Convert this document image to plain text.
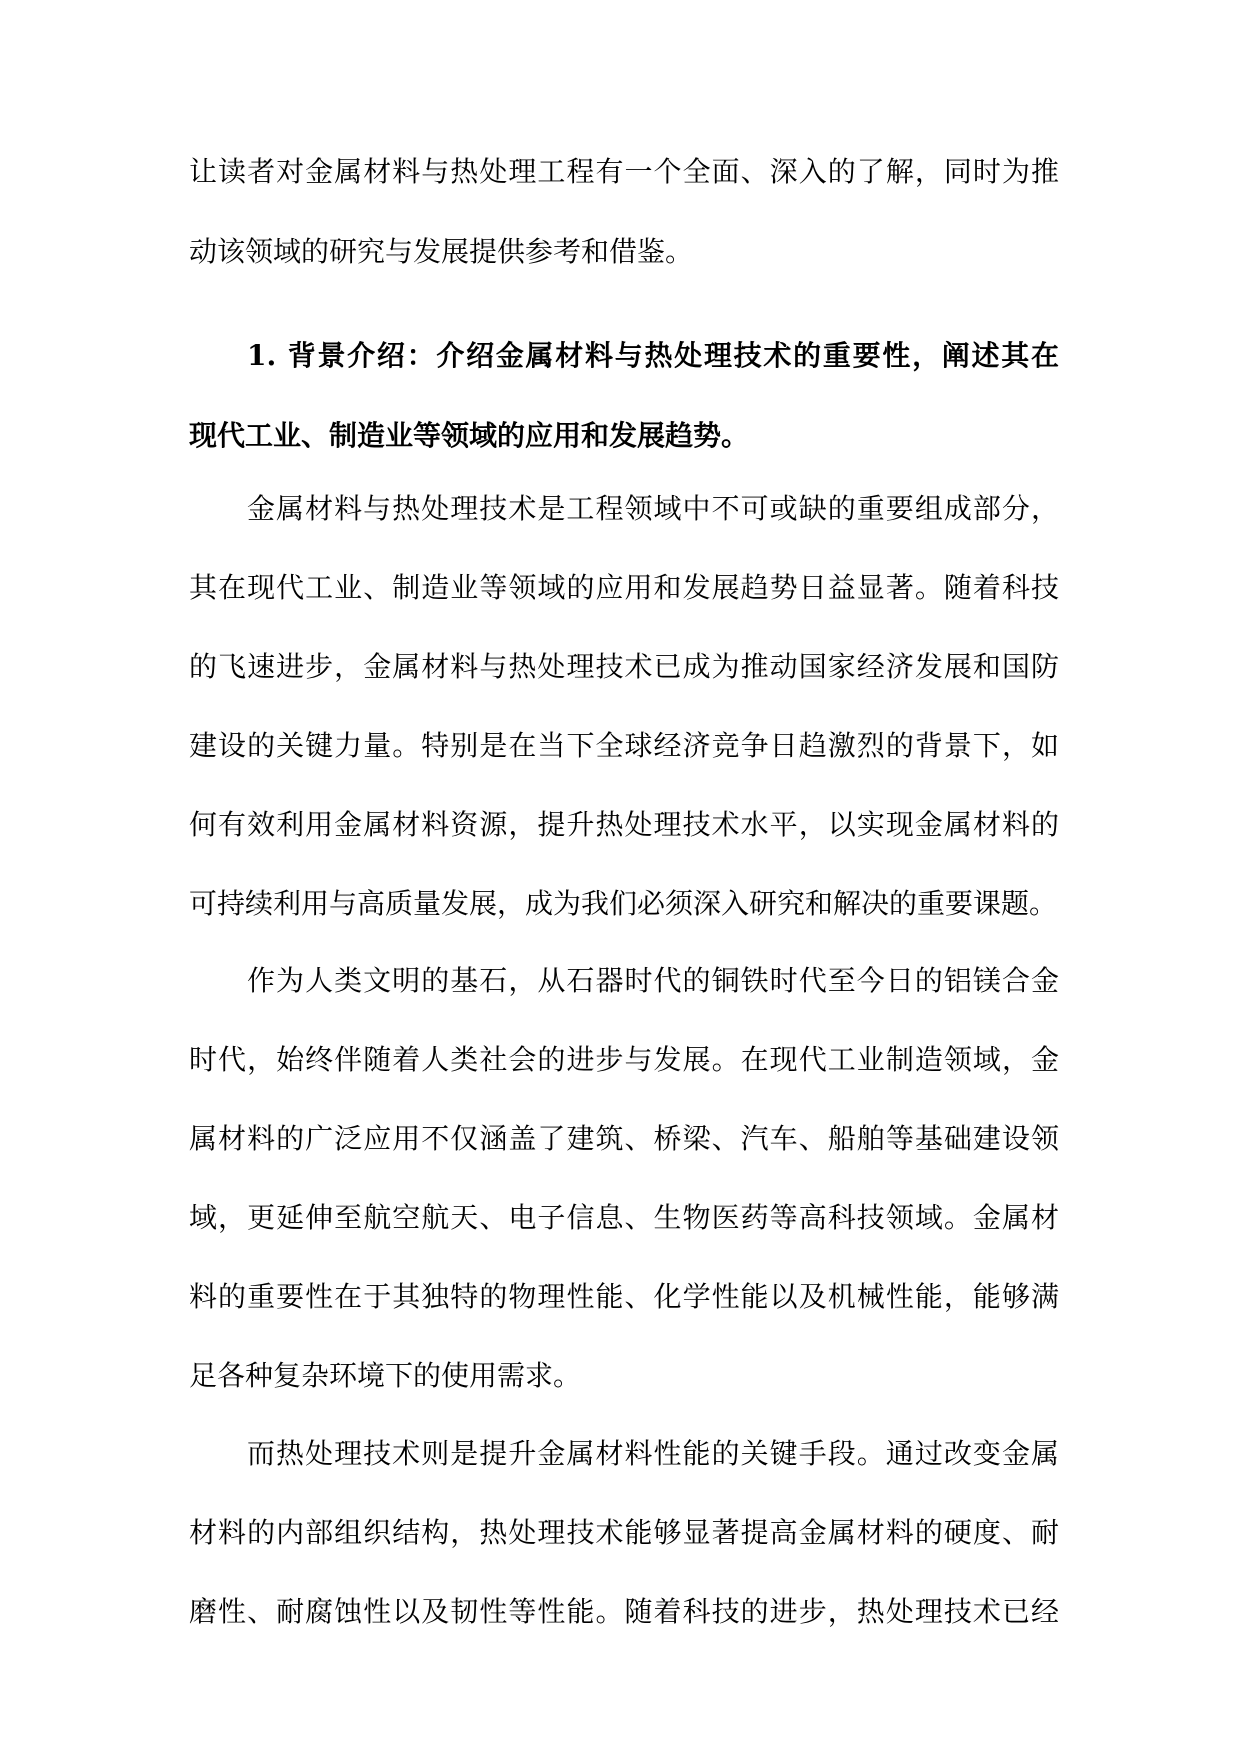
让读者对金属材料与热处理工程有一个全面、深入的了解，同时为推
动该领域的研究与发展提供参考和借鉴。
1. 背景介绍：介绍金属材料与热处理技术的重要性，阐述其在
现代工业、制造业等领域的应用和发展趋势。
金属材料与热处理技术是工程领域中不可或缺的重要组成部分，
其在现代工业、制造业等领域的应用和发展趋势日益显著。随着科技
的飞速进步，金属材料与热处理技术已成为推动国家经济发展和国防
建设的关键力量。特别是在当下全球经济竞争日趋激烈的背景下，如
何有效利用金属材料资源，提升热处理技术水平，以实现金属材料的
可持续利用与高质量发展，成为我们必须深入研究和解决的重要课题。
作为人类文明的基石，从石器时代的铜铁时代至今日的铝镁合金
时代，始终伴随着人类社会的进步与发展。在现代工业制造领域，金
属材料的广泛应用不仅涵盖了建筑、桥梁、汽车、船舶等基础建设领
域，更延伸至航空航天、电子信息、生物医药等高科技领域。金属材
料的重要性在于其独特的物理性能、化学性能以及机械性能，能够满
足各种复杂环境下的使用需求。
而热处理技术则是提升金属材料性能的关键手段。通过改变金属
材料的内部组织结构，热处理技术能够显著提高金属材料的硬度、耐
磨性、耐腐蚀性以及韧性等性能。随着科技的进步，热处理技术已经
